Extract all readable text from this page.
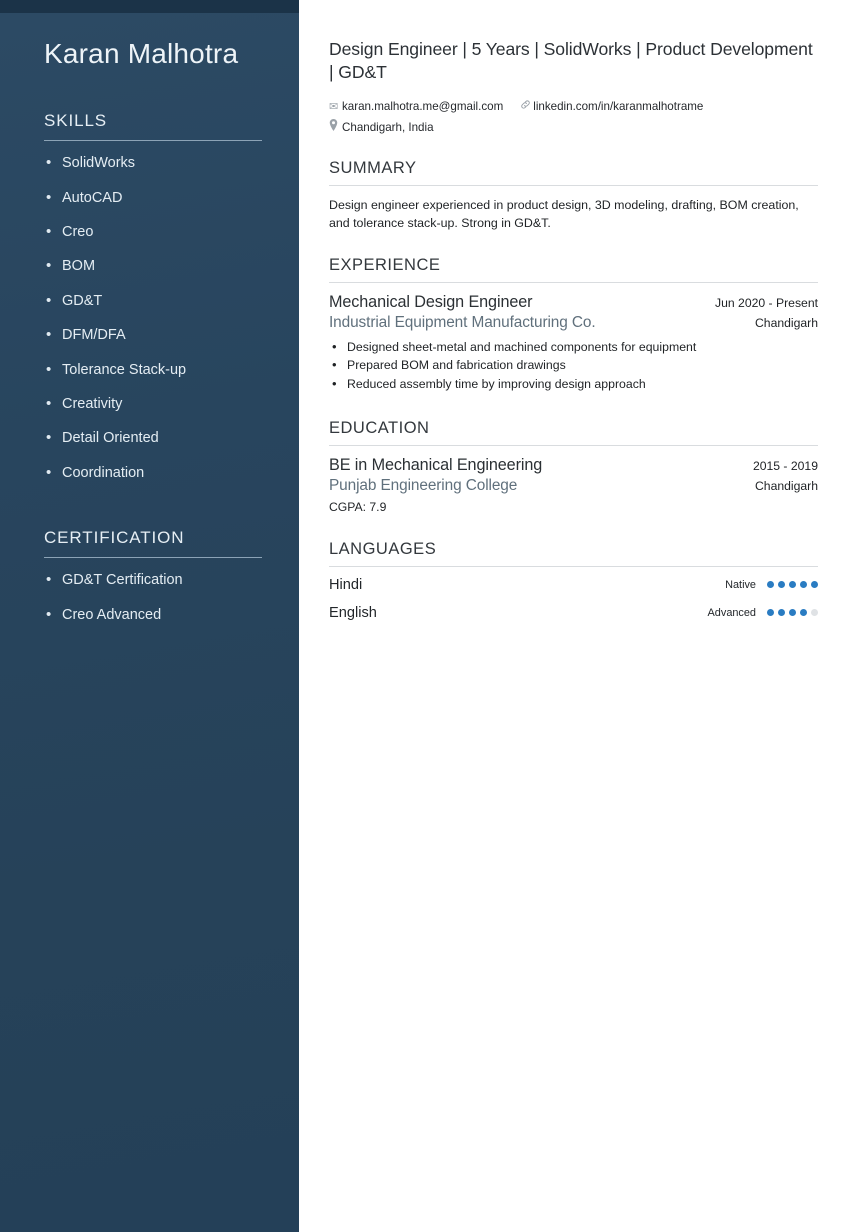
Karan Malhotra
SKILLS
• SolidWorks
• AutoCAD
• Creo
• BOM
• GD&T
• DFM/DFA
• Tolerance Stack-up
• Creativity
• Detail Oriented
• Coordination
CERTIFICATION
• GD&T Certification
• Creo Advanced
Design Engineer | 5 Years | SolidWorks | Product Development | GD&T
✉ karan.malhotra.me@gmail.com	linkedin.com/in/karanmalhotrame
Chandigarh, India
SUMMARY

Design engineer experienced in product design, 3D modeling, drafting, BOM creation, and tolerance stack-up. Strong in GD&T.

EXPERIENCE
Mechanical Design Engineer	Jun 2020 - Present
Industrial Equipment Manufacturing Co.	Chandigarh
• Designed sheet-metal and machined components for equipment
• Prepared BOM and fabrication drawings
• Reduced assembly time by improving design approach
EDUCATION
BE in Mechanical Engineering	2015 - 2019
Punjab Engineering College	Chandigarh
CGPA: 7.9
LANGUAGES
Hindi	Native
English	Advanced
